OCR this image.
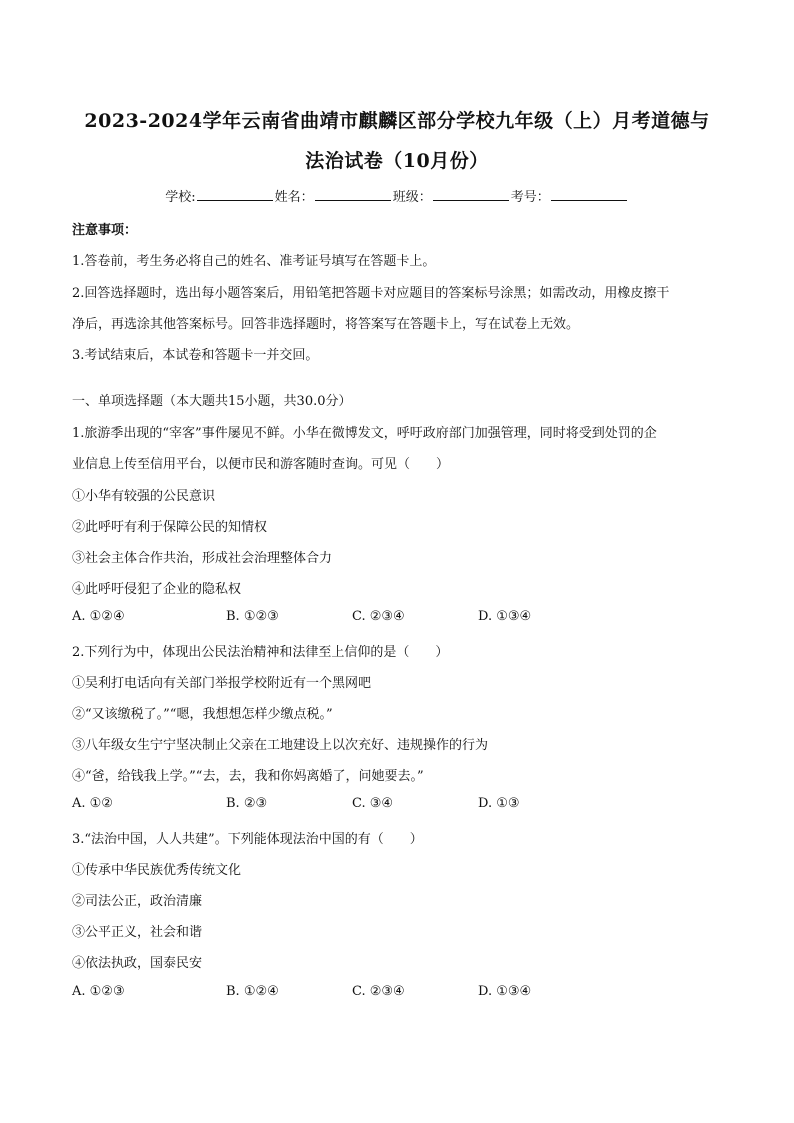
2023-2024学年云南省曲靖市麒麟区部分学校九年级（上）月考道德与
法治试卷（10月份）
学校:	姓名：	班级：	考号：
注意事项：
1.答卷前，考生务必将自己的姓名、准考证号填写在答题卡上。
2.回答选择题时，选出每小题答案后，用铅笔把答题卡对应题目的答案标号涂黑；如需改动，用橡皮擦干
净后，再选涂其他答案标号。回答非选择题时，将答案写在答题卡上，写在试卷上无效。
3.考试结束后，本试卷和答题卡一并交回。
一、单项选择题（本大题共15小题，共30.0分）
1.旅游季出现的“宰客”事件屡见不鲜。小华在微博发文，呼吁政府部门加强管理，同时将受到处罚的企
业信息上传至信用平台，以便市民和游客随时查询。可见（　　）
①小华有较强的公民意识
②此呼吁有利于保障公民的知情权
③社会主体合作共治，形成社会治理整体合力
④此呼吁侵犯了企业的隐私权
A. ①②④	B. ①②③	C. ②③④	D. ①③④
2.下列行为中，体现出公民法治精神和法律至上信仰的是（　　）
①吴利打电话向有关部门举报学校附近有一个黑网吧
②“又该缴税了。”“嗯，我想想怎样少缴点税。”
③八年级女生宁宁坚决制止父亲在工地建设上以次充好、违规操作的行为
④“爸，给钱我上学。”“去，去，我和你妈离婚了，问她要去。”
A. ①②	B. ②③	C. ③④	D. ①③
3.“法治中国，人人共建”。下列能体现法治中国的有（　　）
①传承中华民族优秀传统文化
②司法公正，政治清廉
③公平正义，社会和谐
④依法执政，国泰民安
A. ①②③	B. ①②④	C. ②③④	D. ①③④
